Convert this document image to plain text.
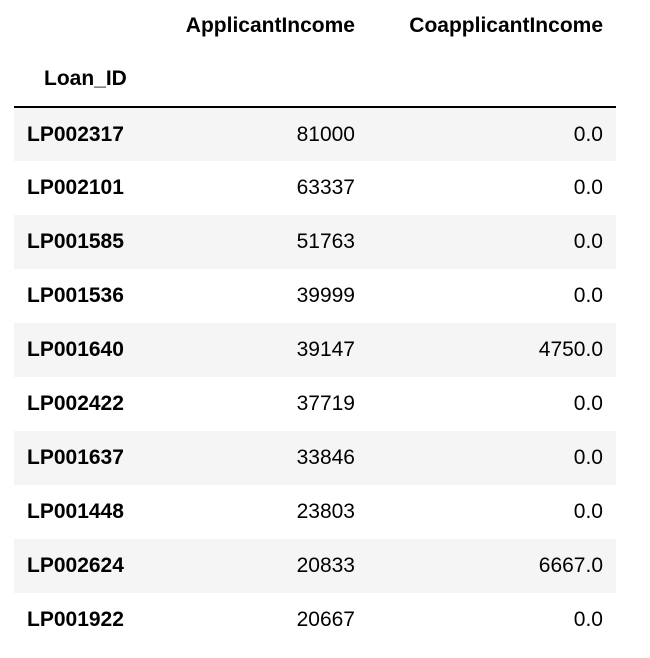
	ApplicantIncome	CoapplicantIncome
Loan_ID		
LP002317	81000	0.0
LP002101	63337	0.0
LP001585	51763	0.0
LP001536	39999	0.0
LP001640	39147	4750.0
LP002422	37719	0.0
LP001637	33846	0.0
LP001448	23803	0.0
LP002624	20833	6667.0
LP001922	20667	0.0
